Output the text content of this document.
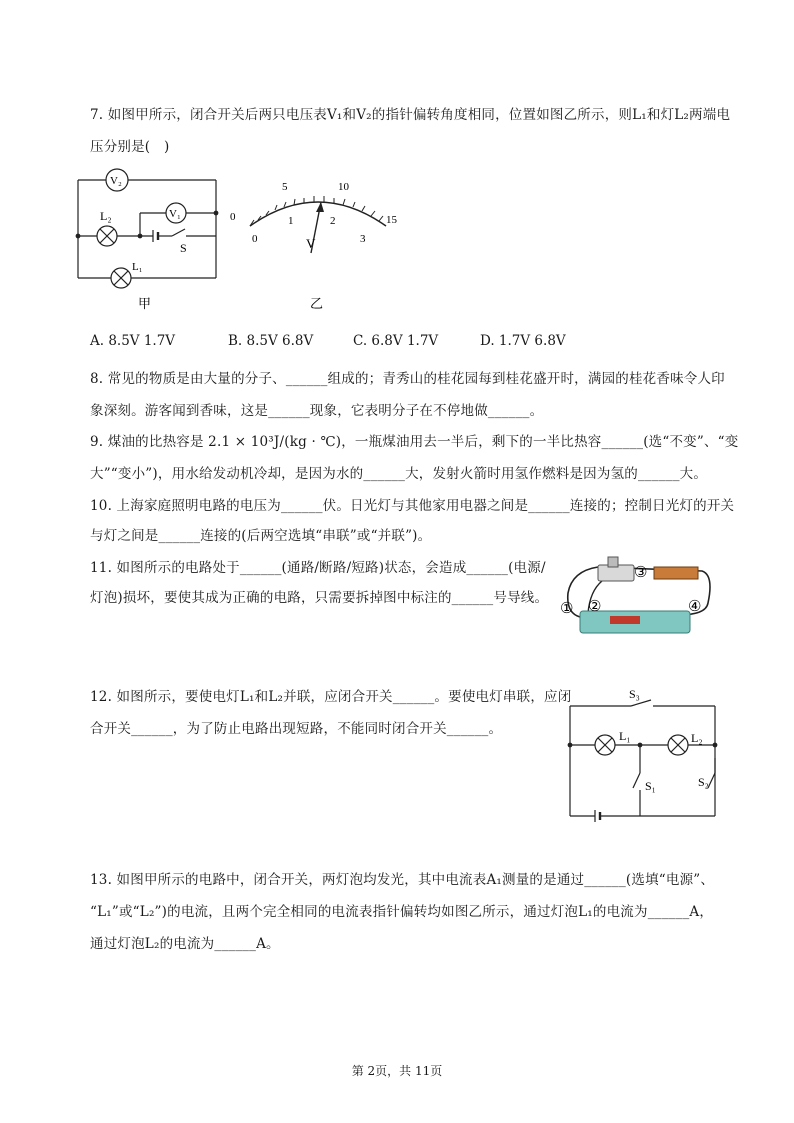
7. 如图甲所示，闭合开关后两只电压表V₁和V₂的指针偏转角度相同，位置如图乙所示，则L₁和灯L₂两端电
压分别是(　)
V₂
V₁
L₂
S
L₁
甲
0
5	10
15
0
1	2
3
V
乙
A. 8.5V 1.7V	B. 8.5V 6.8V	C. 6.8V 1.7V	D. 1.7V 6.8V
8. 常见的物质是由大量的分子、______组成的；青秀山的桂花园每到桂花盛开时，满园的桂花香味令人印
象深刻。游客闻到香味，这是______现象，它表明分子在不停地做______。
9. 煤油的比热容是 2.1 × 10³J/(kg · ℃)，一瓶煤油用去一半后，剩下的一半比热容______(选“不变”、“变
大”“变小”)，用水给发动机冷却，是因为水的______大，发射火箭时用氢作燃料是因为氢的______大。
10. 上海家庭照明电路的电压为______伏。日光灯与其他家用电器之间是______连接的；控制日光灯的开关
与灯之间是______连接的(后两空选填“串联”或“并联”)。
11. 如图所示的电路处于______(通路/断路/短路)状态，会造成______(电源/
灯泡)损坏，要使其成为正确的电路，只需要拆掉图中标注的______号导线。
① ②
③
④
12. 如图所示，要使电灯L₁和L₂并联，应闭合开关______。要使电灯串联，应闭
合开关______，为了防止电路出现短路，不能同时闭合开关______。
S₃
L₁	L₂
S₁	S₂
13. 如图甲所示的电路中，闭合开关，两灯泡均发光，其中电流表A₁测量的是通过______(选填“电源”、
“L₁”或“L₂”)的电流，且两个完全相同的电流表指针偏转均如图乙所示，通过灯泡L₁的电流为______A，
通过灯泡L₂的电流为______A。
第 2页，共 11页
